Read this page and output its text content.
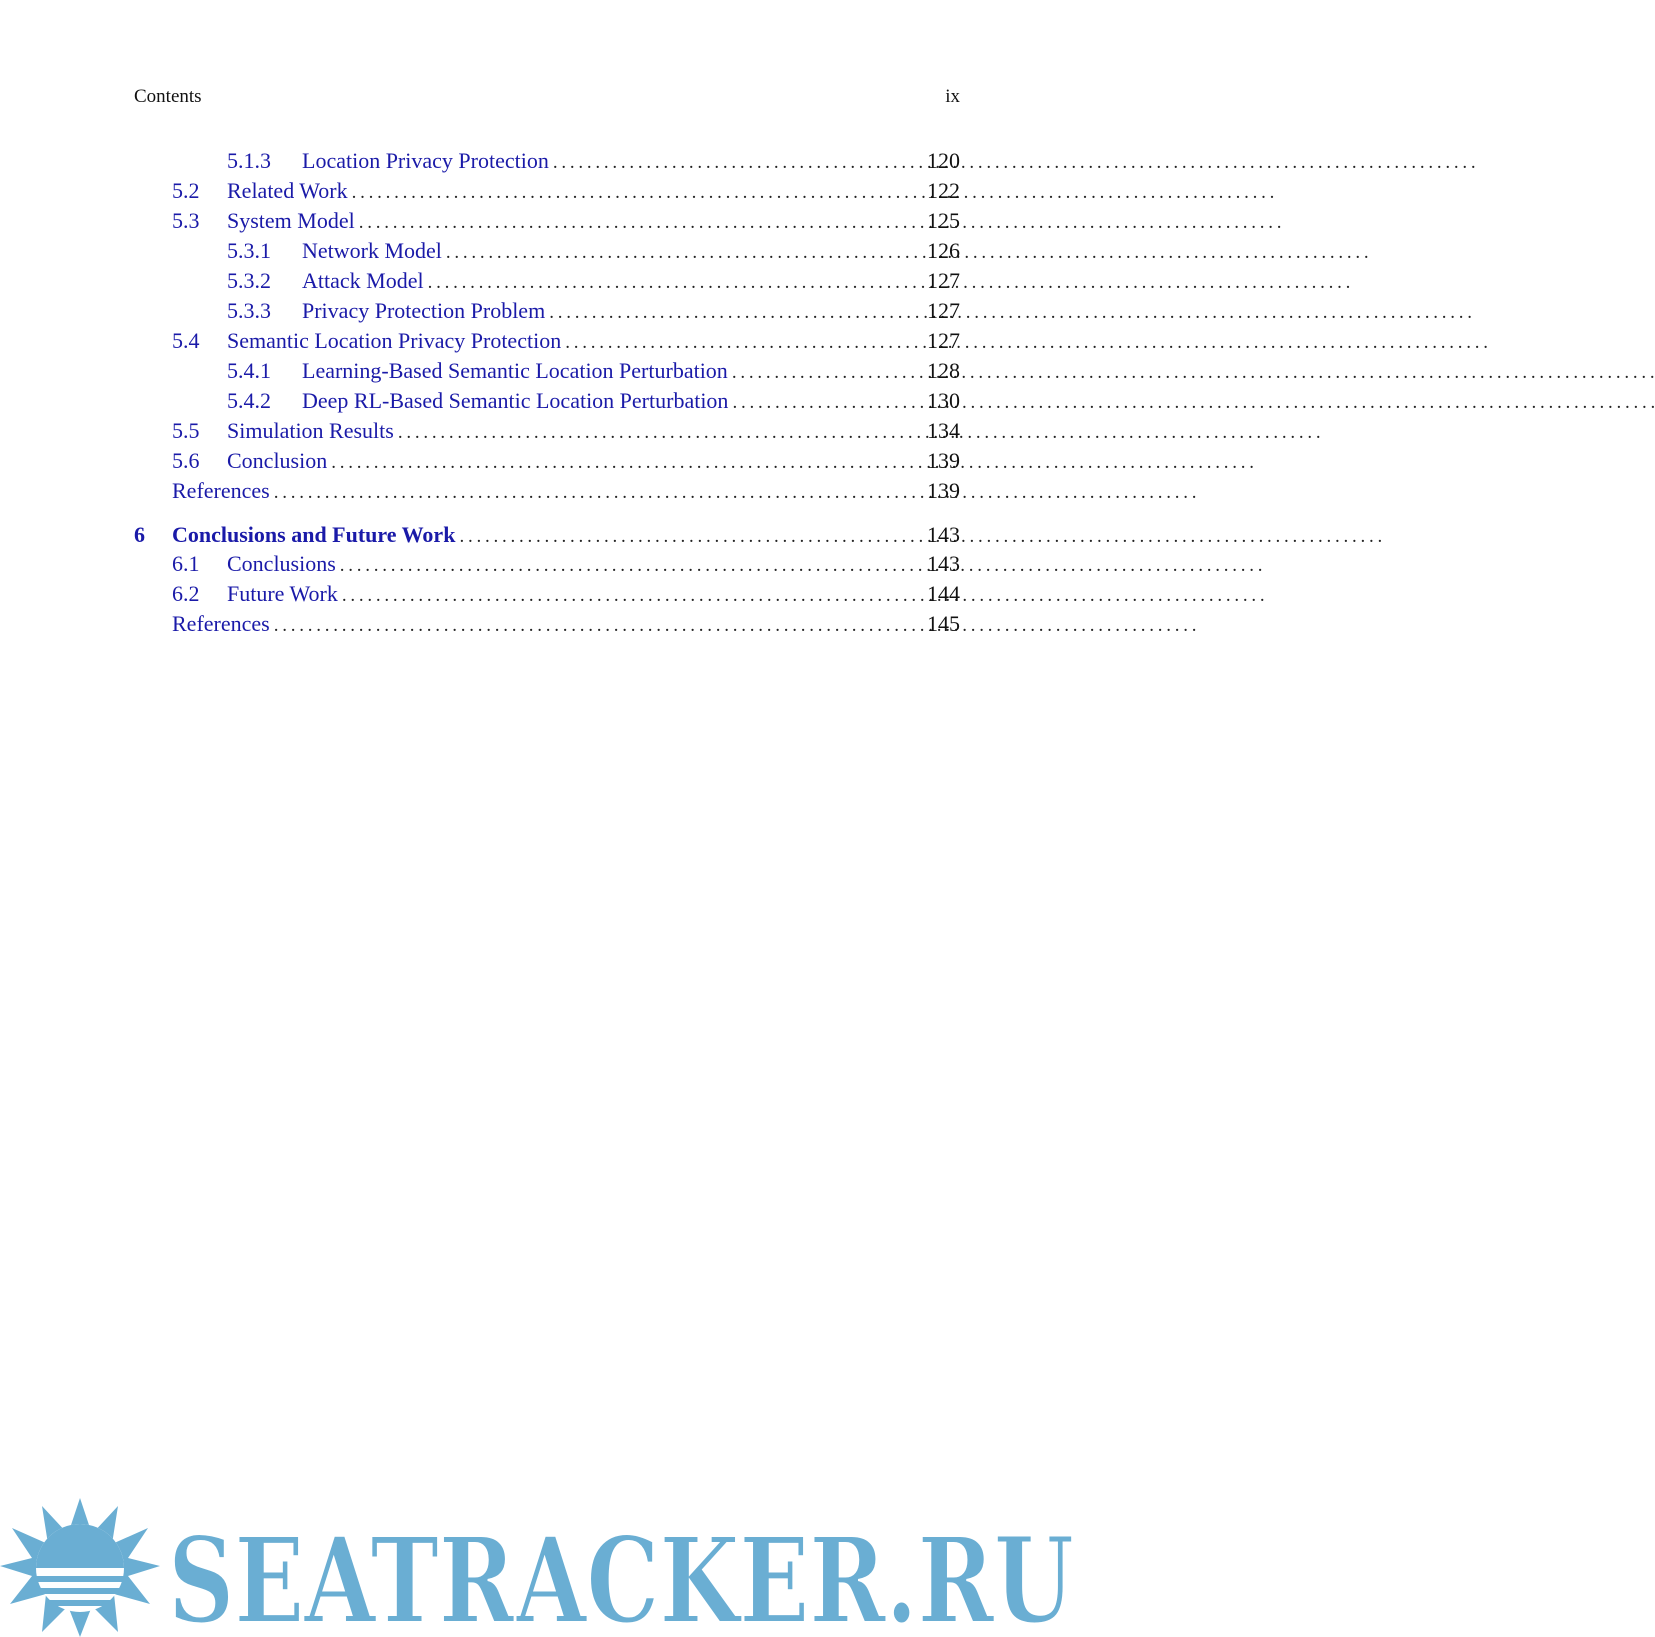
Contents	ix
5.1.3 Location Privacy Protection . . .	120
5.2 Related Work . . .	122
5.3 System Model . . .	125
5.3.1 Network Model . . .	126
5.3.2 Attack Model . . .	127
5.3.3 Privacy Protection Problem . . .	127
5.4 Semantic Location Privacy Protection . . .	127
5.4.1 Learning-Based Semantic Location Perturbation . . .	128
5.4.2 Deep RL-Based Semantic Location Perturbation . . .	130
5.5 Simulation Results . . .	134
5.6 Conclusion . . .	139
References . . .	139
6 Conclusions and Future Work . . .	143
6.1 Conclusions . . .	143
6.2 Future Work . . .	144
References . . .	145
SEATRACKER.RU
